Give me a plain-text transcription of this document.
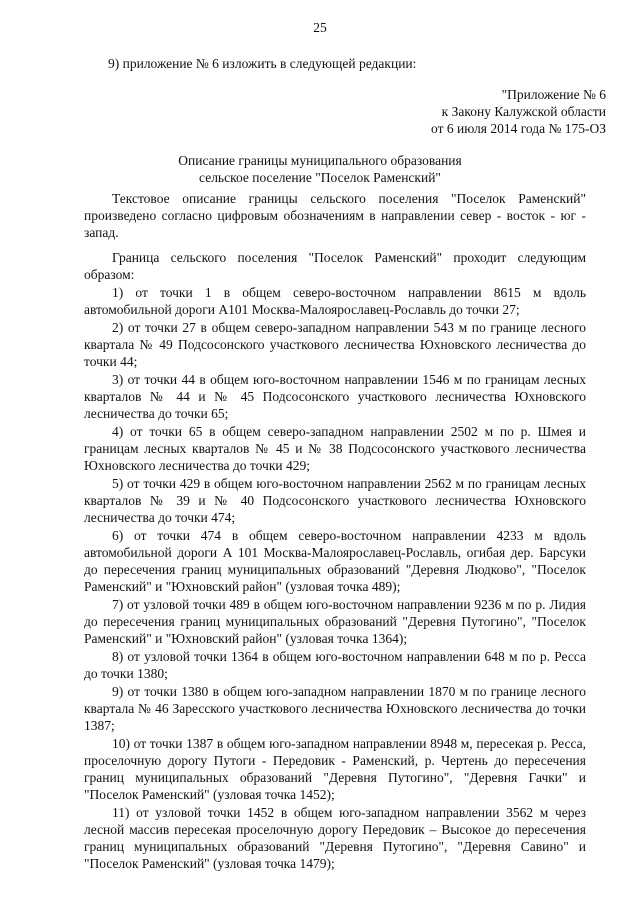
25
9) приложение № 6 изложить в следующей редакции:
"Приложение № 6
к Закону Калужской области
от 6 июля 2014 года № 175-ОЗ
Описание границы муниципального образования
сельское поселение "Поселок Раменский"

Текстовое описание границы сельского поселения "Поселок Раменский" произведено согласно цифровым обозначениям в направлении север - восток - юг - запад.

Граница сельского поселения "Поселок Раменский" проходит следующим образом:

1) от точки 1 в общем северо-восточном направлении 8615 м вдоль автомобильной дороги А101 Москва-Малоярославец-Рославль до точки 27;

2) от точки 27 в общем северо-западном направлении 543 м по границе лесного квартала № 49 Подсосонского участкового лесничества Юхновского лесничества до точки 44;

3) от точки 44 в общем юго-восточном направлении 1546 м по границам лесных кварталов № 44 и № 45 Подсосонского участкового лесничества Юхновского лесничества до точки 65;

4) от точки 65 в общем северо-западном направлении 2502 м по р. Шмея и границам лесных кварталов № 45 и № 38 Подсосонского участкового лесничества Юхновского лесничества до точки 429;

5) от точки 429 в общем юго-восточном направлении 2562 м по границам лесных кварталов № 39 и № 40 Подсосонского участкового лесничества Юхновского лесничества до точки 474;

6) от точки 474 в общем северо-восточном направлении 4233 м вдоль автомобильной дороги А 101 Москва-Малоярославец-Рославль, огибая дер. Барсуки до пересечения границ муниципальных образований "Деревня Людково", "Поселок Раменский" и "Юхновский район" (узловая точка 489);

7) от узловой точки 489 в общем юго-восточном направлении 9236 м по р. Лидия до пересечения границ муниципальных образований "Деревня Путогино", "Поселок Раменский" и "Юхновский район" (узловая точка 1364);

8) от узловой точки 1364 в общем юго-восточном направлении 648 м по р. Ресса до точки 1380;

9) от точки 1380 в общем юго-западном направлении 1870 м по границе лесного квартала № 46 Зaресского участкового лесничества Юхновского лесничества до точки 1387;

10) от точки 1387 в общем юго-западном направлении 8948 м, пересекая р. Ресса, проселочную дорогу Путоги - Передовик - Раменский, р. Чертень до пересечения границ муниципальных образований "Деревня Путогино", "Деревня Гачки" и "Поселок Раменский" (узловая точка 1452);

11) от узловой точки 1452 в общем юго-западном направлении 3562 м через лесной массив пересекая проселочную дорогу Передовик – Высокое до пересечения границ муниципальных образований "Деревня Путогино", "Деревня Савино" и "Поселок Раменский" (узловая точка 1479);
